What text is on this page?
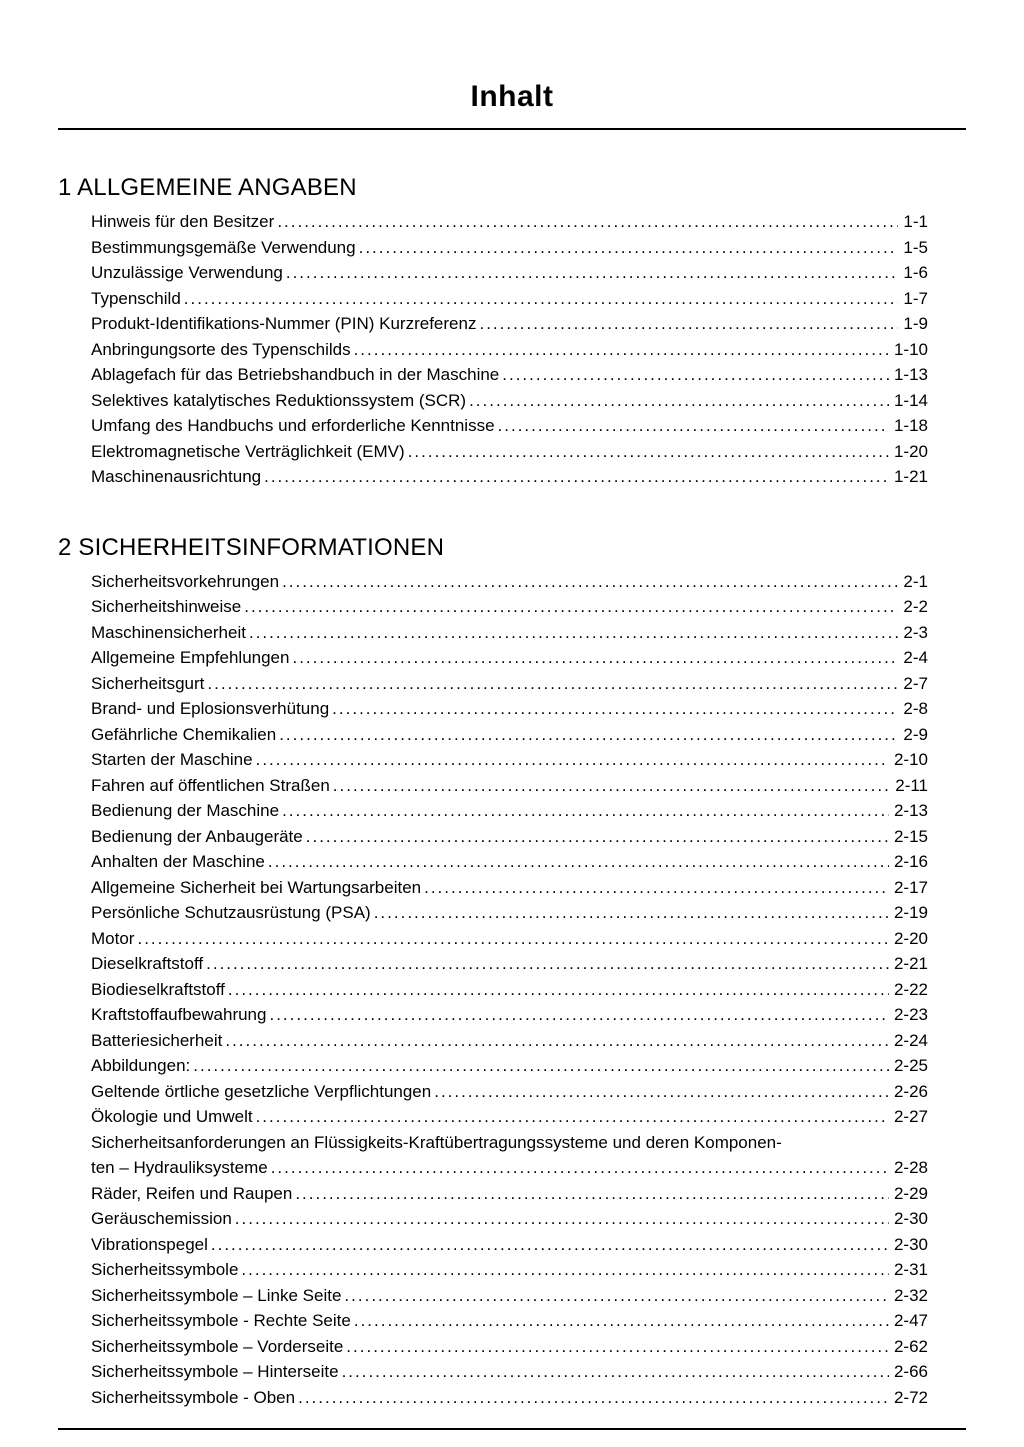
Inhalt
1 ALLGEMEINE ANGABEN
Hinweis für den Besitzer .....	1-1
Bestimmungsgemäße Verwendung .....	1-5
Unzulässige Verwendung .....	1-6
Typenschild .....	1-7
Produkt-Identifikations-Nummer (PIN) Kurzreferenz .....	1-9
Anbringungsorte des Typenschilds .....	1-10
Ablagefach für das Betriebshandbuch in der Maschine .....	1-13
Selektives katalytisches Reduktionssystem (SCR) .....	1-14
Umfang des Handbuchs und erforderliche Kenntnisse .....	1-18
Elektromagnetische Verträglichkeit (EMV) .....	1-20
Maschinenausrichtung .....	1-21
2 SICHERHEITSINFORMATIONEN
Sicherheitsvorkehrungen .....	2-1
Sicherheitshinweise .....	2-2
Maschinensicherheit .....	2-3
Allgemeine Empfehlungen .....	2-4
Sicherheitsgurt .....	2-7
Brand- und Eplosionsverhütung .....	2-8
Gefährliche Chemikalien .....	2-9
Starten der Maschine .....	2-10
Fahren auf öffentlichen Straßen .....	2-11
Bedienung der Maschine .....	2-13
Bedienung der Anbaugeräte .....	2-15
Anhalten der Maschine .....	2-16
Allgemeine Sicherheit bei Wartungsarbeiten .....	2-17
Persönliche Schutzausrüstung (PSA) .....	2-19
Motor .....	2-20
Dieselkraftstoff .....	2-21
Biodieselkraftstoff .....	2-22
Kraftstoffaufbewahrung .....	2-23
Batteriesicherheit .....	2-24
Abbildungen: .....	2-25
Geltende örtliche gesetzliche Verpflichtungen .....	2-26
Ökologie und Umwelt .....	2-27
Sicherheitsanforderungen an Flüssigkeits-Kraftübertragungssysteme und deren Komponen-
ten – Hydrauliksysteme .....	2-28
Räder, Reifen und Raupen .....	2-29
Geräuschemission .....	2-30
Vibrationspegel .....	2-30
Sicherheitssymbole .....	2-31
Sicherheitssymbole – Linke Seite .....	2-32
Sicherheitssymbole - Rechte Seite .....	2-47
Sicherheitssymbole – Vorderseite .....	2-62
Sicherheitssymbole – Hinterseite .....	2-66
Sicherheitssymbole - Oben .....	2-72
